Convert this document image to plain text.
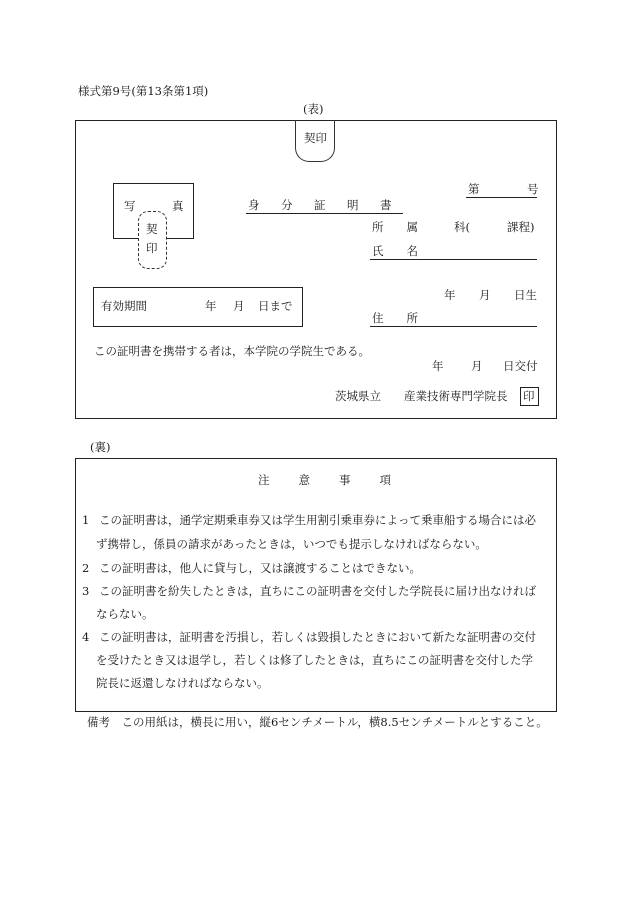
様式第9号(第13条第1項)
(表)
契印
写	真
契
印
身　分　証　明　書
第	号
所　　属	科(	課程)
氏　　名
有効期間	年 月 日まで
年 月 日生
住　　所
この証明書を携帯する者は，本学院の学院生である。
年 月 日交付
茨城県立　　産業技術専門学院長 印
(裏)
注　　意　　事　　項
1 この証明書は，通学定期乗車券又は学生用割引乗車券によって乗車船する場合には必
ず携帯し，係員の請求があったときは，いつでも提示しなければならない。
2 この証明書は，他人に貸与し，又は譲渡することはできない。
3 この証明書を紛失したときは，直ちにこの証明書を交付した学院長に届け出なければ
ならない。
4 この証明書は，証明書を汚損し，若しくは毀損したときにおいて新たな証明書の交付
を受けたとき又は退学し，若しくは修了したときは，直ちにこの証明書を交付した学
院長に返還しなければならない。
備考　この用紙は，横長に用い，縦6センチメートル，横8.5センチメートルとすること。
